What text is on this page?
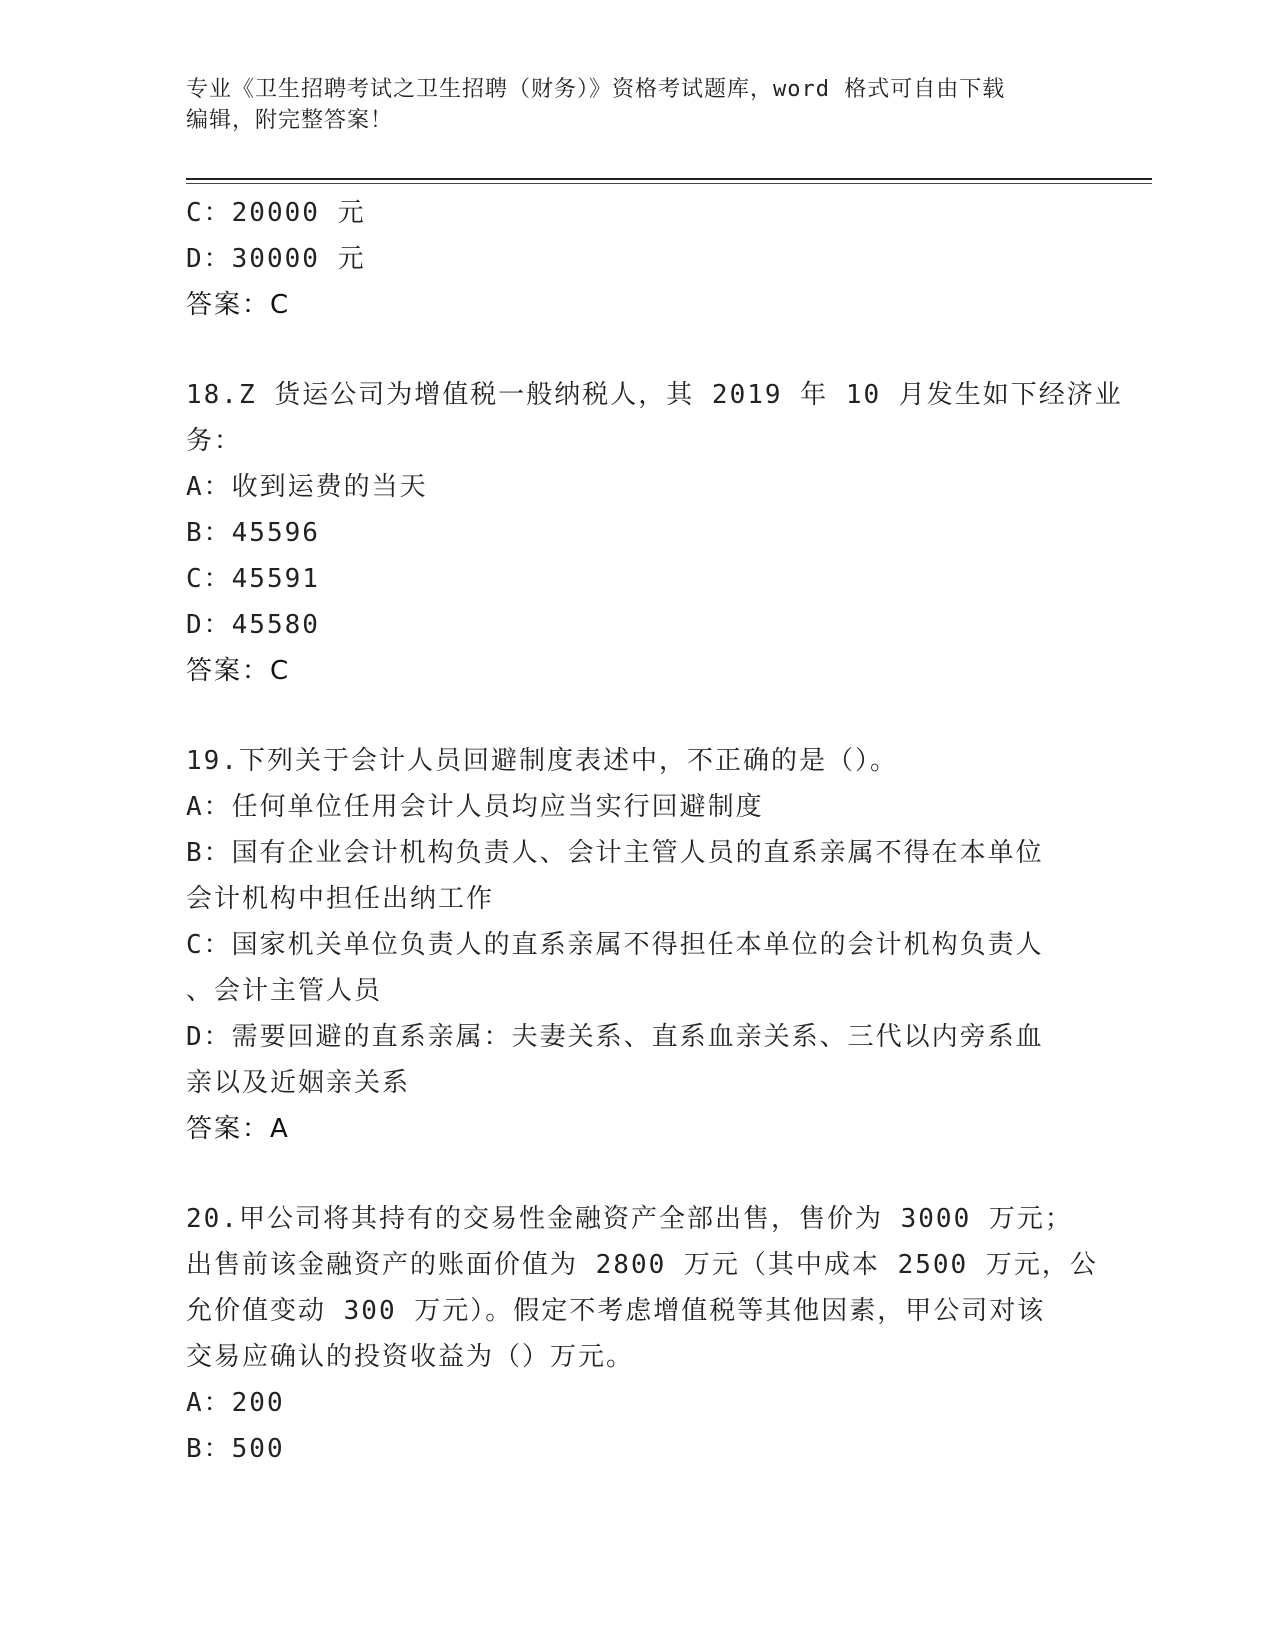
专业《卫生招聘考试之卫生招聘（财务）》资格考试题库，word 格式可自由下载
编辑，附完整答案！
C：20000 元
D：30000 元
答案：C
18.Z 货运公司为增值税一般纳税人，其 2019 年 10 月发生如下经济业
务：
A：收到运费的当天
B：45596
C：45591
D：45580
答案：C
19.下列关于会计人员回避制度表述中，不正确的是（）。
A：任何单位任用会计人员均应当实行回避制度
B：国有企业会计机构负责人、会计主管人员的直系亲属不得在本单位
会计机构中担任出纳工作
C：国家机关单位负责人的直系亲属不得担任本单位的会计机构负责人
、会计主管人员
D：需要回避的直系亲属：夫妻关系、直系血亲关系、三代以内旁系血
亲以及近姻亲关系
答案：A
20.甲公司将其持有的交易性金融资产全部出售，售价为 3000 万元；
出售前该金融资产的账面价值为 2800 万元（其中成本 2500 万元，公
允价值变动 300 万元）。假定不考虑增值税等其他因素，甲公司对该
交易应确认的投资收益为（）万元。
A：200
B：500
